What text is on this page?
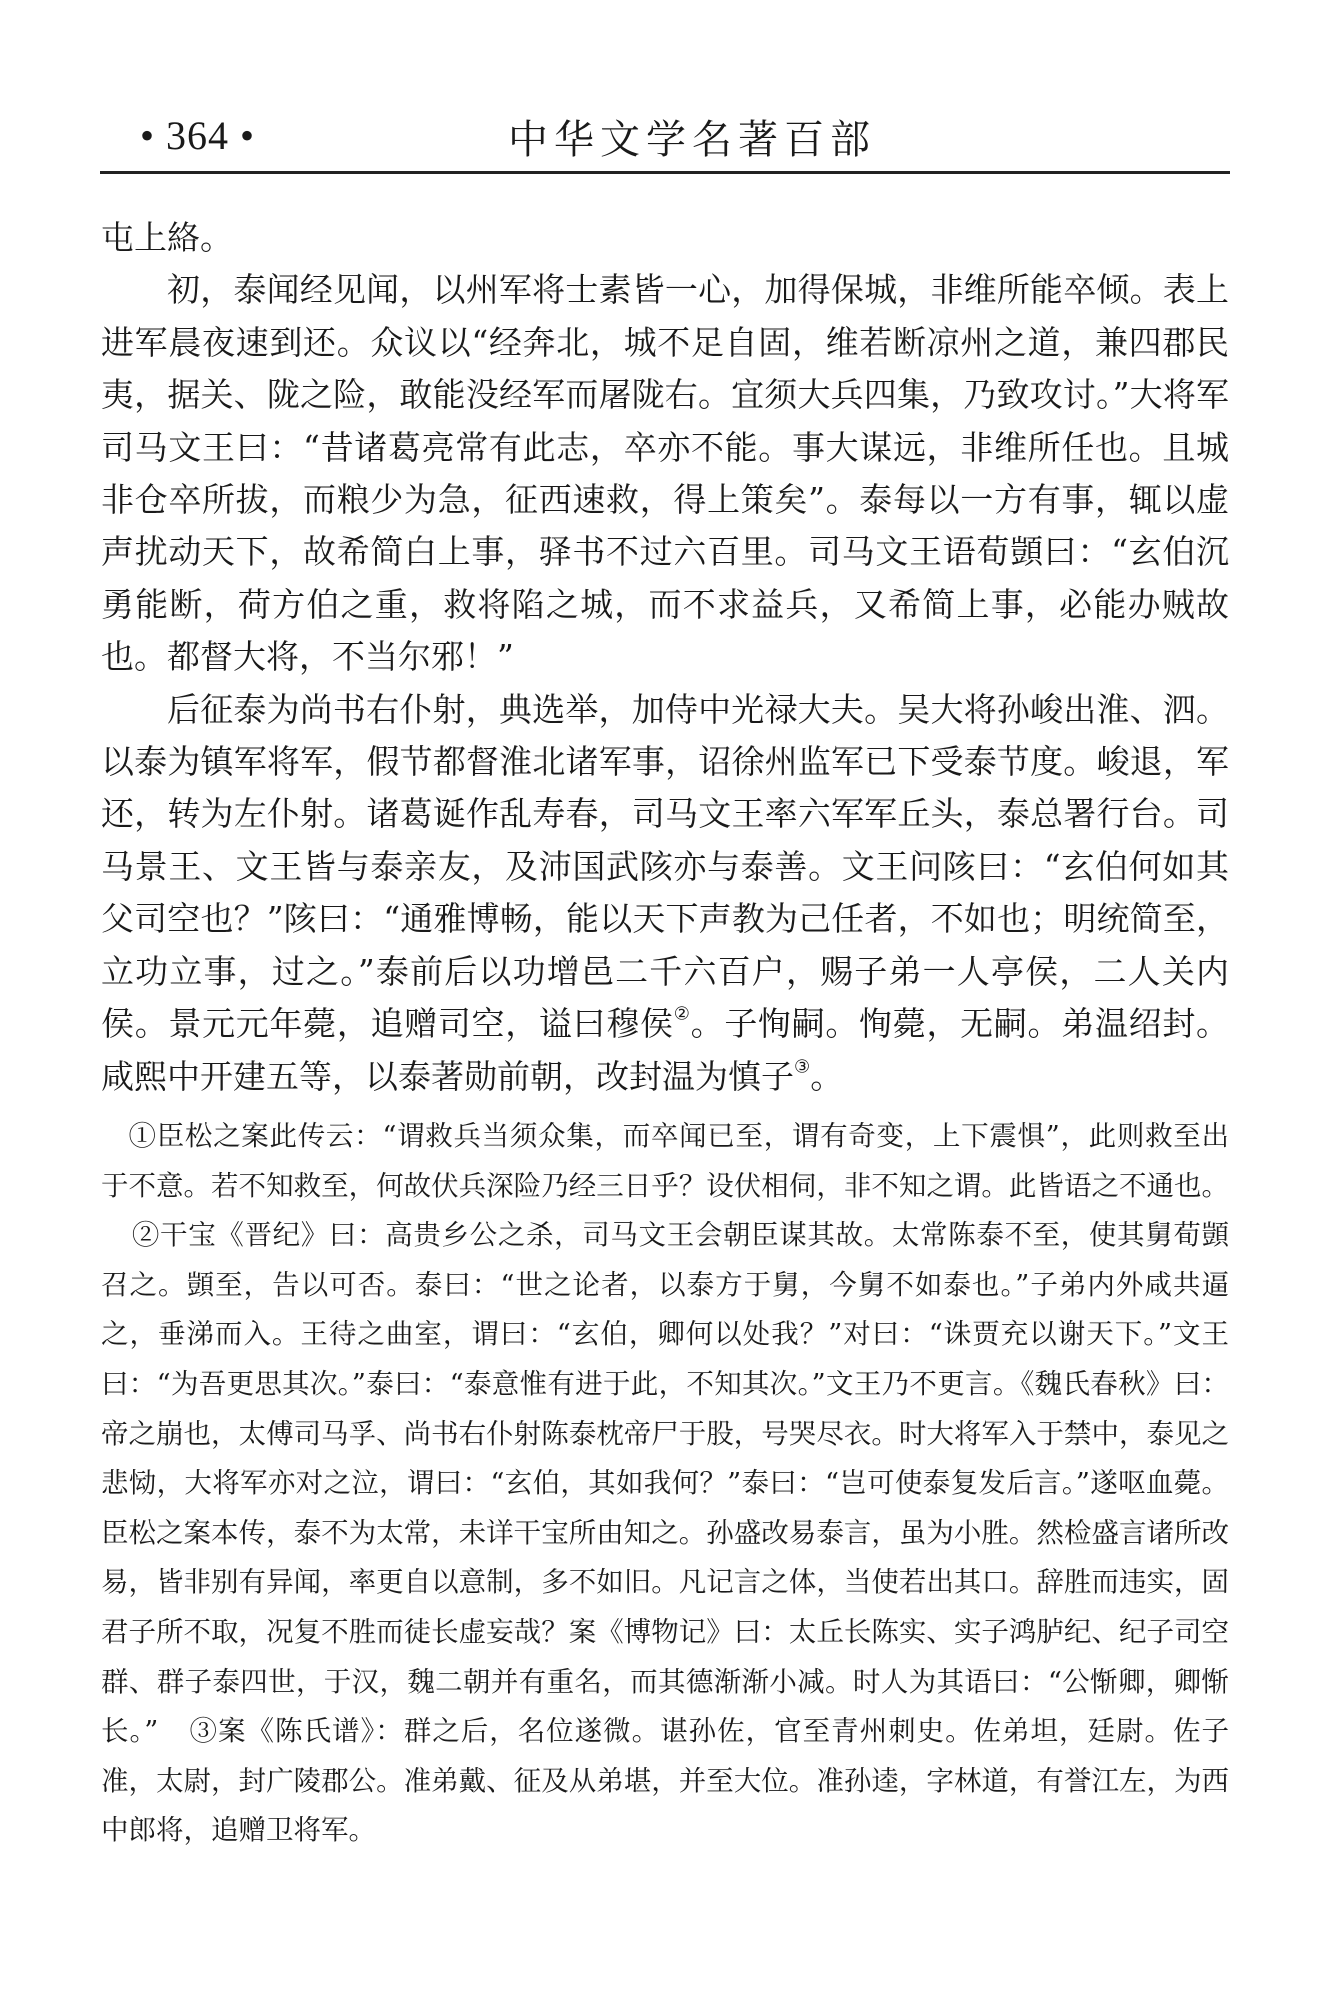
• 364 •	中华文学名著百部

屯上絡。

初，泰闻经见闻，以州军将士素皆一心，加得保城，非维所能卒倾。表上进军晨夜速到还。众议以“经奔北，城不足自固，维若断凉州之道，兼四郡民夷，据关、陇之险，敢能没经军而屠陇右。宜须大兵四集，乃致攻讨。”大将军司马文王曰：“昔诸葛亮常有此志，卒亦不能。事大谋远，非维所任也。且城非仓卒所拔，而粮少为急，征西速救，得上策矣”。泰每以一方有事，辄以虚声扰动天下，故希简白上事，驿书不过六百里。司马文王语荀顗曰：“玄伯沉勇能断，荷方伯之重，救将陷之城，而不求益兵，又希简上事，必能办贼故也。都督大将，不当尔邪！”

后征泰为尚书右仆射，典选举，加侍中光禄大夫。吴大将孙峻出淮、泗。以泰为镇军将军，假节都督淮北诸军事，诏徐州监军已下受泰节度。峻退，军还，转为左仆射。诸葛诞作乱寿春，司马文王率六军军丘头，泰总署行台。司马景王、文王皆与泰亲友，及沛国武陔亦与泰善。文王问陔曰：“玄伯何如其父司空也？”陔曰：“通雅博畅，能以天下声教为己任者，不如也；明统简至，立功立事，过之。”泰前后以功增邑二千六百户，赐子弟一人亭侯，二人关内侯。景元元年薨，追赠司空，谥曰穆侯②。子恂嗣。恂薨，无嗣。弟温绍封。咸熙中开建五等，以泰著勋前朝，改封温为慎子③。

①臣松之案此传云：“谓救兵当须众集，而卒闻已至，谓有奇变，上下震惧”，此则救至出于不意。若不知救至，何故伏兵深险乃经三日乎？设伏相伺，非不知之谓。此皆语之不通也。②干宝《晋纪》曰：高贵乡公之杀，司马文王会朝臣谋其故。太常陈泰不至，使其舅荀顗召之。顗至，告以可否。泰曰：“世之论者，以泰方于舅，今舅不如泰也。”子弟内外咸共逼之，垂涕而入。王待之曲室，谓曰：“玄伯，卿何以处我？”对曰：“诛贾充以谢天下。”文王曰：“为吾更思其次。”泰曰：“泰意惟有进于此，不知其次。”文王乃不更言。《魏氏春秋》曰：帝之崩也，太傅司马孚、尚书右仆射陈泰枕帝尸于股，号哭尽衣。时大将军入于禁中，泰见之悲恸，大将军亦对之泣，谓曰：“玄伯，其如我何？”泰曰：“岂可使泰复发后言。”遂呕血薨。臣松之案本传，泰不为太常，未详干宝所由知之。孙盛改易泰言，虽为小胜。然检盛言诸所改易，皆非别有异闻，率更自以意制，多不如旧。凡记言之体，当使若出其口。辞胜而违实，固君子所不取，况复不胜而徒长虚妄哉？案《博物记》曰：太丘长陈实、实子鸿胪纪、纪子司空群、群子泰四世，于汉，魏二朝并有重名，而其德渐渐小减。时人为其语曰：“公惭卿，卿惭长。” ③案《陈氏谱》：群之后，名位遂微。谌孙佐，官至青州刺史。佐弟坦，廷尉。佐子准，太尉，封广陵郡公。准弟戴、征及从弟堪，并至大位。准孙逵，字林道，有誉江左，为西中郎将，追赠卫将军。
